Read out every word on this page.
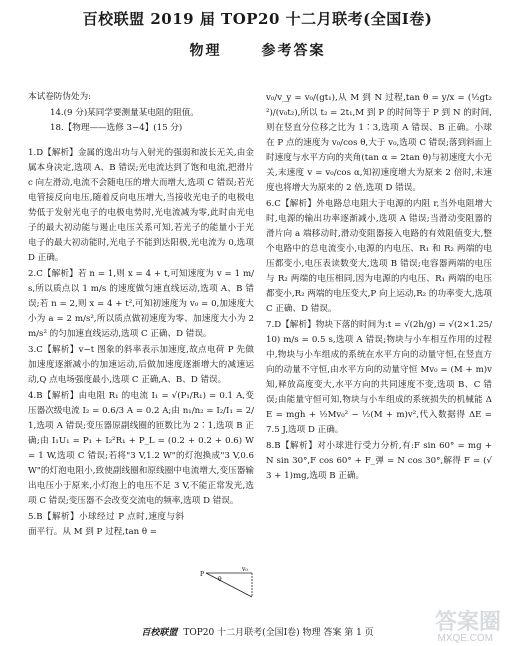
百校联盟 2019 届 TOP20 十二月联考(全国Ⅰ卷)
物理	参考答案

本试卷防伪处为:

14.(9 分)某同学要测量某电阻的阻值。

18.【物理——选修 3−4】(15 分)

1.D【解析】金属的逸出功与入射光的强弱和波长无关,由金属本身决定,选项 A、B 错误;光电流达到了饱和电流,把滑片 c 向左滑动,电流不会随电压的增大而增大,选项 C 错误;若光电管接反向电压,随着反向电压增大,当接收光电子的电极电势低于发射光电子的电极电势时,光电流减为零,此时由光电子的最大初动能与遏止电压关系可知,若光子的能量小于光电子的最大初动能时,光电子不能到达阳极,光电流为 0,选项 D 正确。

2.C【解析】若 n = 1,则 x = 4 + t,可知速度为 v = 1 m/s,所以质点以 1 m/s 的速度做匀速直线运动,选项 A、B 错误;若 n = 2,则 x = 4 + t²,可知初速度为 v₀ = 0,加速度大小为 a = 2 m/s²,所以质点做初速度为零、加速度大小为 2 m/s² 的匀加速直线运动,选项 C 正确、D 错误。

3.C【解析】v−t 图象的斜率表示加速度,故点电荷 P 先做加速度逐渐减小的加速运动,后做加速度逐渐增大的减速运动,Q 点电场强度最小,选项 C 正确,A、B、D 错误。

4.B【解析】由电阻 R₁ 的电流 I₁ = √(P₁/R₁) = 0.1 A,变压器次级电流 I₂ = 0.6/3 A = 0.2 A;由 n₁/n₂ = I₂/I₁ = 2/1,选项 A 错误;变压器原副线圈的匝数比为 2∶1,选项 B 正确;由 I₁U₁ = P₁ + I₂²R₁ + P_L = (0.2 + 0.2 + 0.6) W = 1 W,选项 C 错误;若将"3 V,1.2 W"的灯泡换成"3 V,0.6 W"的灯泡电阻小,致使副线圈和原线圈中电流增大,变压器输出电压小于原来,小灯泡上的电压不足 3 V,不能正常发光,选项 C 错误;变压器不会改变交流电的频率,选项 D 错误。

5.B【解析】小球经过 P 点时,速度与斜面平行。从 M 到 P 过程,tan θ =

v₀/v_y = v₀/(gt₁),从 M 到 N 过程,tan θ = y/x = (½gt₂²)/(v₀t₂),所以 t₂ = 2t₁,M 到 P 的时间等于 P 到 N 的时间,则在竖直分位移之比为 1∶3,选项 A 错误、B 正确。小球在 P 点的速度为 v₀/cos θ,大于 v₀,选项 C 错误;落到斜面上时速度与水平方向的夹角(tan α = 2tan θ)与初速度大小无关,末速度 v = v₀/cos α,知初速度增大为原来 2 倍时,末速度也将增大为原来的 2 倍,选项 D 错误。

6.C【解析】外电路总电阻大于电源的内阻 r,当外电阻增大时,电源的输出功率逐渐减小,选项 A 错误;当滑动变阻器的滑片向 a 端移动时,滑动变阻器接入电路的有效阻值变大,整个电路中的总电流变小,电源的内电压、R₁ 和 R₂ 两端的电压都变小,电压表读数变大,选项 B 错误;电容器两端的电压与 R₂ 两端的电压相同,因为电源的内电压、R₁ 两端的电压都变小,R₂ 两端的电压变大,P 向上运动,R₂ 的功率变大,选项 C 正确、D 错误。

7.D【解析】物块下落的时间为:t = √(2h/g) = √(2×1.25/10) m/s = 0.5 s,选项 A 错误;物块与小车相互作用的过程中,物块与小车组成的系统在水平方向的动量守恒,在竖直方向的动量不守恒,由水平方向的动量守恒 Mv₀ = (M + m)v 知,释放高度变大,水平方向的共同速度不变,选项 B、C 错误;由能量守恒可知,物块与小车组成的系统损失的机械能 ΔE = mgh + ½Mv₀² − ½(M + m)v²,代入数据得 ΔE = 7.5 J,选项 D 正确。

8.B【解析】对小球进行受力分析,有:F sin 60° = mg + N sin 30°,F cos 60° + F_弹 = N cos 30°,解得 F = (√3 + 1)mg,选项 B 正确。

v₀
θ
P
百校联盟 TOP20 十二月联考(全国Ⅰ卷) 物理 答案 第 1 页	答案圈
MXQE.COM
